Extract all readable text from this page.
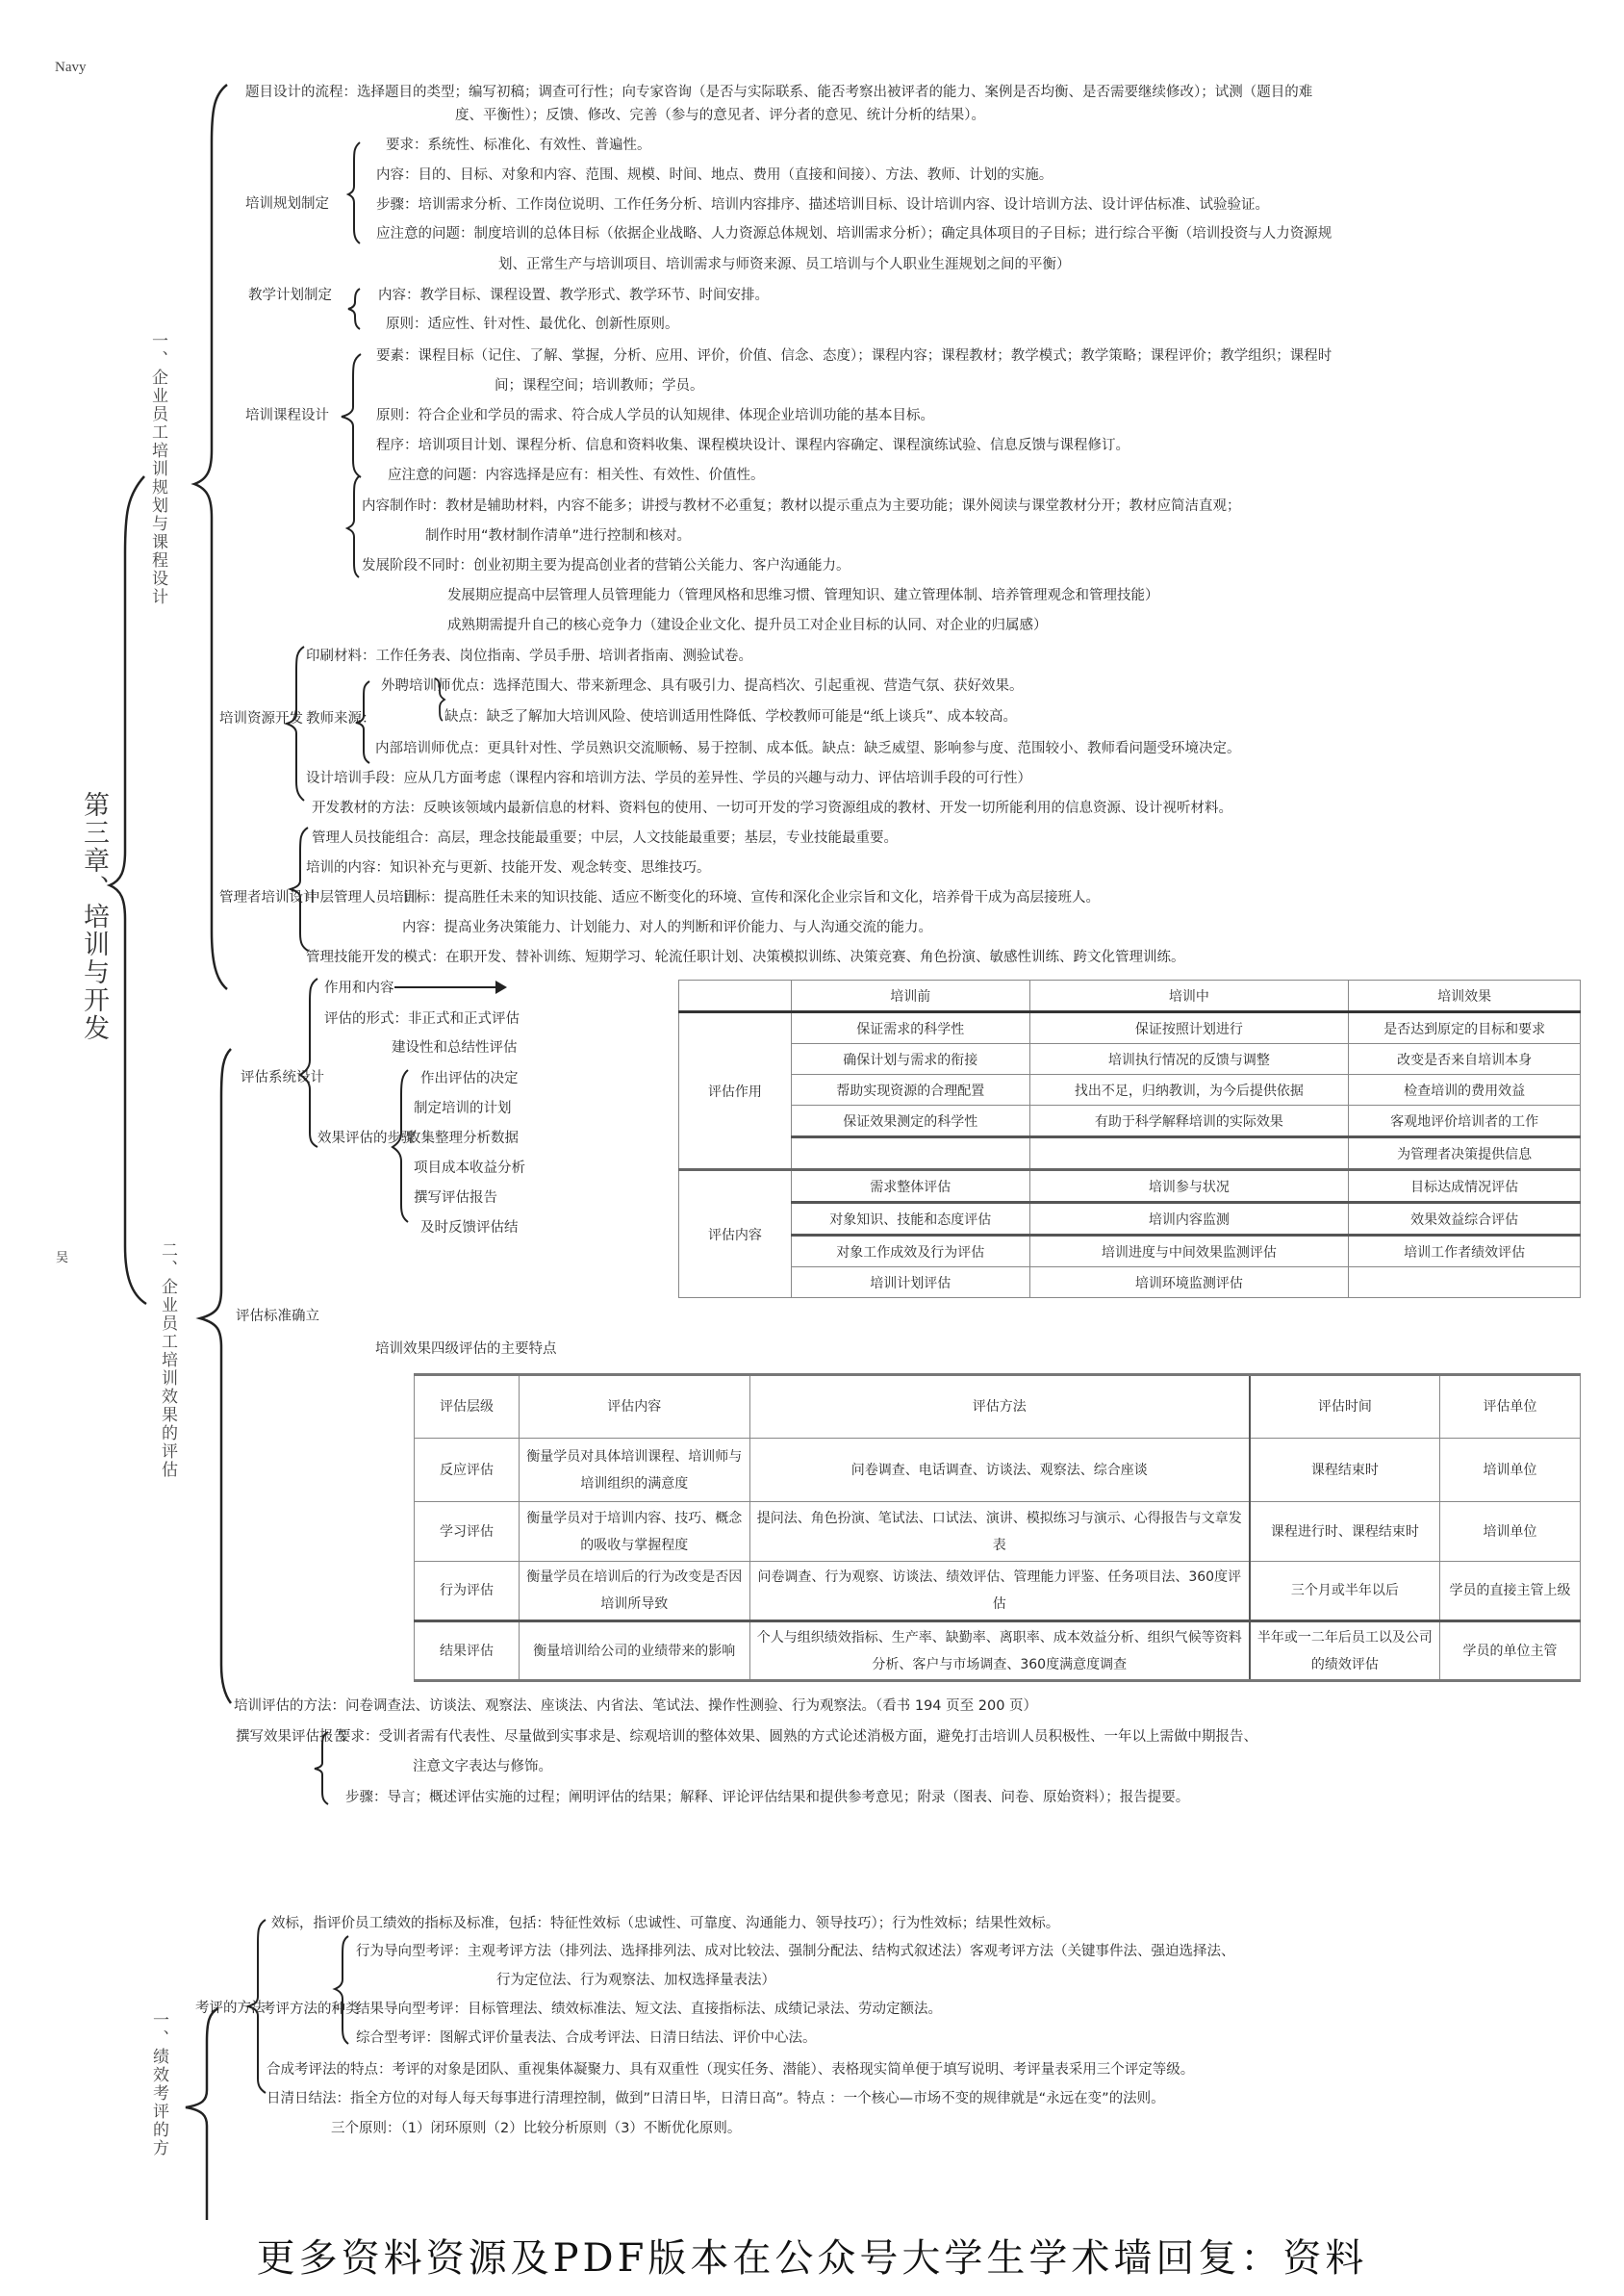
Navy
吴
第三章、培训与开发
一、企业员工培训规划与课程设计
题目设计的流程：选择题目的类型；编写初稿；调查可行性；向专家咨询（是否与实际联系、能否考察出被评者的能力、案例是否均衡、是否需要继续修改）；试测（题目的难
度、平衡性）；反馈、修改、完善（参与的意见者、评分者的意见、统计分析的结果）。
培训规划制定
要求：系统性、标准化、有效性、普遍性。
内容：目的、目标、对象和内容、范围、规模、时间、地点、费用（直接和间接）、方法、教师、计划的实施。
步骤：培训需求分析、工作岗位说明、工作任务分析、培训内容排序、描述培训目标、设计培训内容、设计培训方法、设计评估标准、试验验证。
应注意的问题：制度培训的总体目标（依据企业战略、人力资源总体规划、培训需求分析）；确定具体项目的子目标；进行综合平衡（培训投资与人力资源规
划、正常生产与培训项目、培训需求与师资来源、员工培训与个人职业生涯规划之间的平衡）
教学计划制定	内容：教学目标、课程设置、教学形式、教学环节、时间安排。
原则：适应性、针对性、最优化、创新性原则。
培训课程设计
要素：课程目标（记住、了解、掌握，分析、应用、评价，价值、信念、态度）；课程内容；课程教材；教学模式；教学策略；课程评价；教学组织；课程时
间；课程空间；培训教师；学员。
原则：符合企业和学员的需求、符合成人学员的认知规律、体现企业培训功能的基本目标。
程序：培训项目计划、课程分析、信息和资料收集、课程模块设计、课程内容确定、课程演练试验、信息反馈与课程修订。
应注意的问题：内容选择是应有：相关性、有效性、价值性。
内容制作时：教材是辅助材料，内容不能多；讲授与教材不必重复；教材以提示重点为主要功能；课外阅读与课堂教材分开；教材应简洁直观；
制作时用“教材制作清单”进行控制和核对。
发展阶段不同时：创业初期主要为提高创业者的营销公关能力、客户沟通能力。
发展期应提高中层管理人员管理能力（管理风格和思维习惯、管理知识、建立管理体制、培养管理观念和管理技能）
成熟期需提升自己的核心竞争力（建设企业文化、提升员工对企业目标的认同、对企业的归属感）
培训资源开发
印刷材料：工作任务表、岗位指南、学员手册、培训者指南、测验试卷。
教师来源：
外聘培训师 优点：选择范围大、带来新理念、具有吸引力、提高档次、引起重视、营造气氛、获好效果。
缺点：缺乏了解加大培训风险、使培训适用性降低、学校教师可能是“纸上谈兵”、成本较高。
内部培训师 优点：更具针对性、学员熟识交流顺畅、易于控制、成本低。缺点：缺乏威望、影响参与度、范围较小、教师看问题受环境决定。
设计培训手段：应从几方面考虑（课程内容和培训方法、学员的差异性、学员的兴趣与动力、评估培训手段的可行性）
开发教材的方法：反映该领域内最新信息的材料、资料包的使用、一切可开发的学习资源组成的教材、开发一切所能利用的信息资源、设计视听材料。
管理者培训设计
管理人员技能组合：高层，理念技能最重要；中层，人文技能最重要；基层，专业技能最重要。
培训的内容：知识补充与更新、技能开发、观念转变、思维技巧。
中层管理人员培训
目标：提高胜任未来的知识技能、适应不断变化的环境、宣传和深化企业宗旨和文化，培养骨干成为高层接班人。
内容：提高业务决策能力、计划能力、对人的判断和评价能力、与人沟通交流的能力。
管理技能开发的模式：在职开发、替补训练、短期学习、轮流任职计划、决策模拟训练、决策竞赛、角色扮演、敏感性训练、跨文化管理训练。
二、企业员工培训效果的评估
评估系统设计
作用和内容
评估的形式：非正式和正式评估
建设性和总结性评估
效果评估的步骤
作出评估的决定
制定培训的计划
收集整理分析数据
项目成本收益分析
撰写评估报告
及时反馈评估结
	培训前	培训中	培训效果
评估作用	保证需求的科学性	保证按照计划进行	是否达到原定的目标和要求
	确保计划与需求的衔接	培训执行情况的反馈与调整	改变是否来自培训本身
	帮助实现资源的合理配置	找出不足，归纳教训，为今后提供依据	检查培训的费用效益
	保证效果测定的科学性	有助于科学解释培训的实际效果	客观地评价培训者的工作
			为管理者决策提供信息
评估内容	需求整体评估	培训参与状况	目标达成情况评估
	对象知识、技能和态度评估	培训内容监测	效果效益综合评估
	对象工作成效及行为评估	培训进度与中间效果监测评估	培训工作者绩效评估
	培训计划评估	培训环境监测评估	
评估标准确立
培训效果四级评估的主要特点
评估层级	评估内容	评估方法	评估时间	评估单位
反应评估	衡量学员对具体培训课程、培训师与培训组织的满意度	问卷调查、电话调查、访谈法、观察法、综合座谈	课程结束时	培训单位
学习评估	衡量学员对于培训内容、技巧、概念的吸收与掌握程度	提问法、角色扮演、笔试法、口试法、演讲、模拟练习与演示、心得报告与文章发表	课程进行时、课程结束时	培训单位
行为评估	衡量学员在培训后的行为改变是否因培训所导致	问卷调查、行为观察、访谈法、绩效评估、管理能力评鉴、任务项目法、360度评估	三个月或半年以后	学员的直接主管上级
结果评估	衡量培训给公司的业绩带来的影响	个人与组织绩效指标、生产率、缺勤率、离职率、成本效益分析、组织气候等资料分析、客户与市场调查、360度满意度调查	半年或一二年后员工以及公司的绩效评估	学员的单位主管
培训评估的方法：问卷调查法、访谈法、观察法、座谈法、内省法、笔试法、操作性测验、行为观察法。（看书 194 页至 200 页）
撰写效果评估报告
要求：受训者需有代表性、尽量做到实事求是、综观培训的整体效果、圆熟的方式论述消极方面，避免打击培训人员积极性、一年以上需做中期报告、
注意文字表达与修饰。
步骤：导言；概述评估实施的过程；阐明评估的结果；解释、评论评估结果和提供参考意见；附录（图表、问卷、原始资料）；报告提要。
一、绩效考评的方
考评的方法
效标，指评价员工绩效的指标及标准，包括：特征性效标（忠诚性、可靠度、沟通能力、领导技巧）；行为性效标；结果性效标。
考评方法的种类
行为导向型考评：主观考评方法（排列法、选择排列法、成对比较法、强制分配法、结构式叙述法）客观考评方法（关键事件法、强迫选择法、
行为定位法、行为观察法、加权选择量表法）
结果导向型考评：目标管理法、绩效标准法、短文法、直接指标法、成绩记录法、劳动定额法。
综合型考评：图解式评价量表法、合成考评法、日清日结法、评价中心法。
合成考评法的特点：考评的对象是团队、重视集体凝聚力、具有双重性（现实任务、潜能）、表格现实简单便于填写说明、考评量表采用三个评定等级。
日清日结法：指全方位的对每人每天每事进行清理控制，做到”日清日毕，日清日高”。特点 ：一个核心—市场不变的规律就是“永远在变”的法则。
三个原则：（1）闭环原则（2）比较分析原则（3）不断优化原则。
更多资料资源及PDF版本在公众号大学生学术墙回复：资料
